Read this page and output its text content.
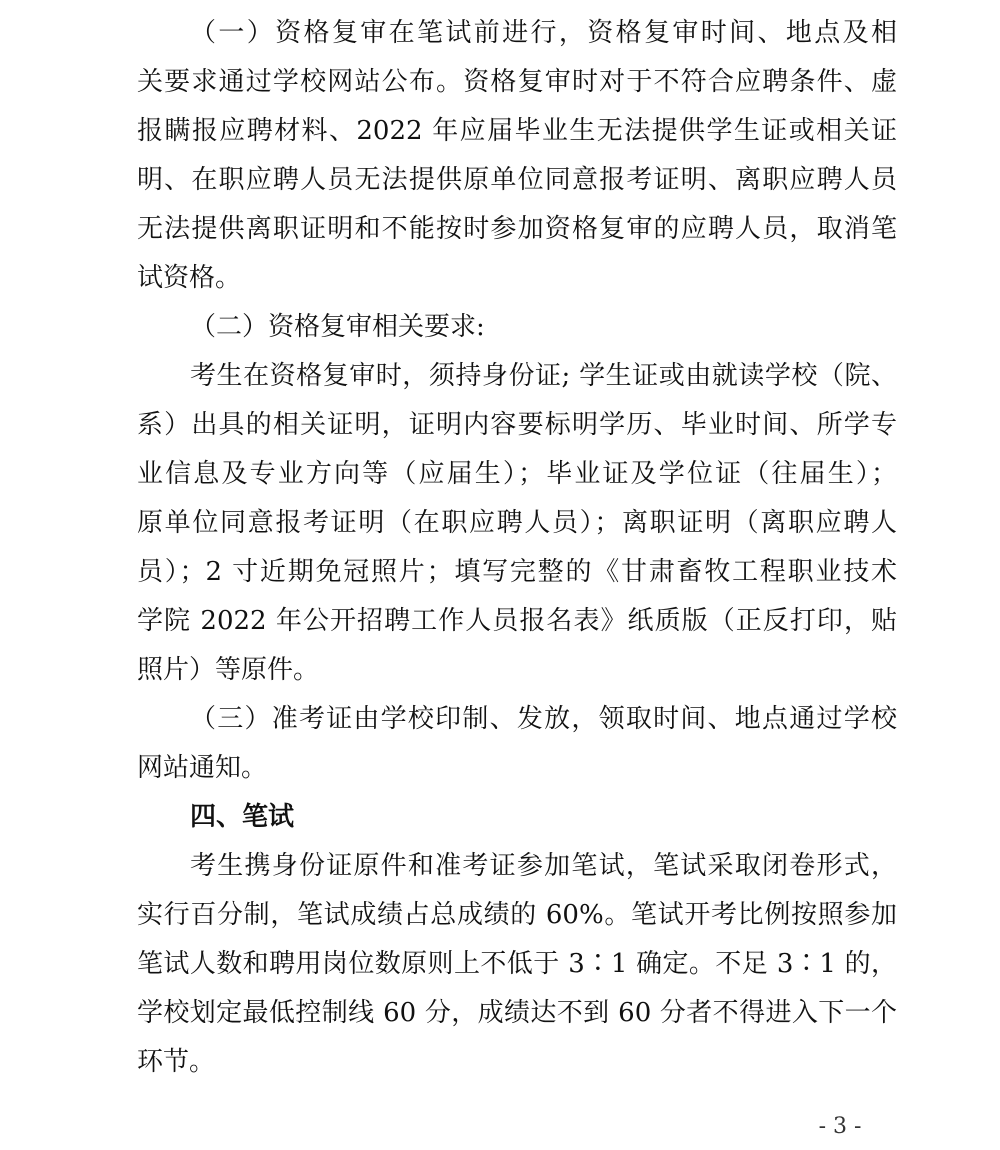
（一）资格复审在笔试前进行，资格复审时间、地点及相
关要求通过学校网站公布。资格复审时对于不符合应聘条件、虚
报瞒报应聘材料、2022 年应届毕业生无法提供学生证或相关证
明、在职应聘人员无法提供原单位同意报考证明、离职应聘人员
无法提供离职证明和不能按时参加资格复审的应聘人员，取消笔
试资格。
（二）资格复审相关要求:
考生在资格复审时，须持身份证; 学生证或由就读学校（院、
系）出具的相关证明，证明内容要标明学历、毕业时间、所学专
业信息及专业方向等（应届生）；毕业证及学位证（往届生）；
原单位同意报考证明（在职应聘人员）；离职证明（离职应聘人
员）；2 寸近期免冠照片；填写完整的《甘肃畜牧工程职业技术
学院 2022 年公开招聘工作人员报名表》纸质版（正反打印，贴
照片）等原件。
（三）准考证由学校印制、发放，领取时间、地点通过学校
网站通知。
四、笔试
考生携身份证原件和准考证参加笔试，笔试采取闭卷形式，
实行百分制，笔试成绩占总成绩的 60%。笔试开考比例按照参加
笔试人数和聘用岗位数原则上不低于 3∶1 确定。不足 3∶1 的，
学校划定最低控制线 60 分，成绩达不到 60 分者不得进入下一个
环节。
- 3 -
